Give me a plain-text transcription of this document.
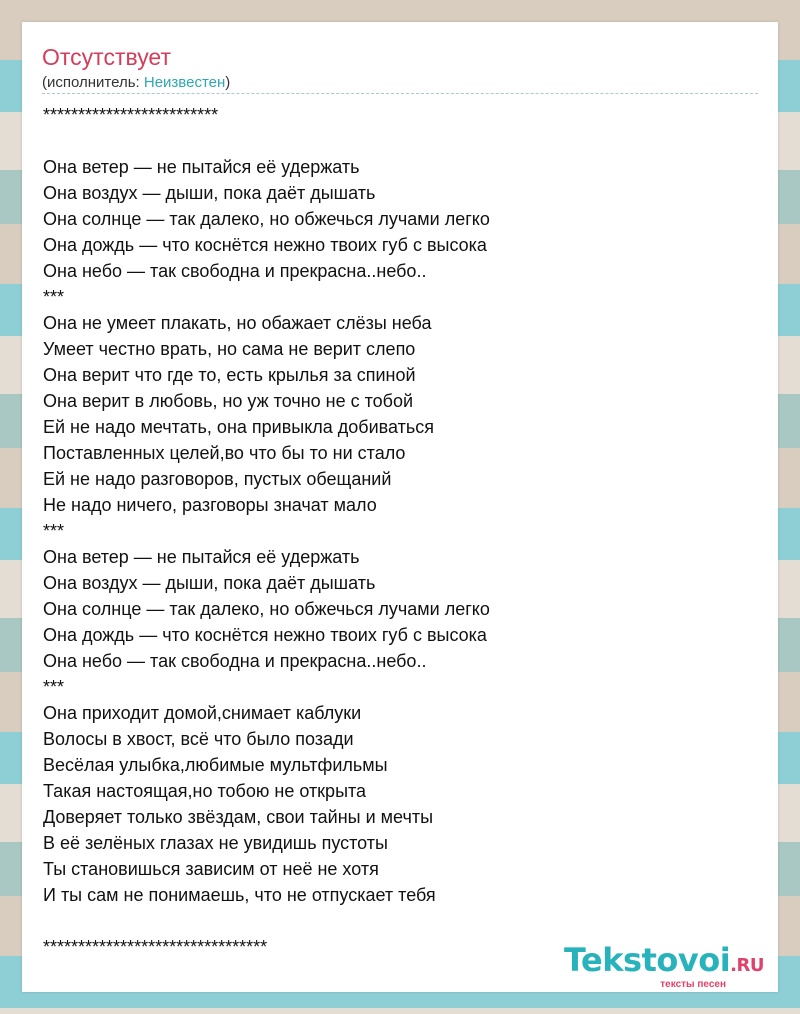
Отсутствует
(исполнитель: Неизвестен)
*************************
Она ветер — не пытайся её удержать
Она воздух — дыши, пока даёт дышать
Она солнце — так далеко, но обжечься лучами легко
Она дождь — что коснётся нежно твоих губ с высока
Она небо — так свободна и прекрасна..небо..
***
Она не умеет плакать, но обажает слёзы неба
Умеет честно врать, но сама не верит слепо
Она верит что где то, есть крылья за спиной
Она верит в любовь, но уж точно не с тобой
Ей не надо мечтать, она привыкла добиваться
Поставленных целей,во что бы то ни стало
Ей не надо разговоров, пустых обещаний
Не надо ничего, разговоры значат мало
***
Она ветер — не пытайся её удержать
Она воздух — дыши, пока даёт дышать
Она солнце — так далеко, но обжечься лучами легко
Она дождь — что коснётся нежно твоих губ с высока
Она небо — так свободна и прекрасна..небо..
***
Она приходит домой,снимает каблуки
Волосы в хвост, всё что было позади
Весёлая улыбка,любимые мультфильмы
Такая настоящая,но тобою не открыта
Доверяет только звёздам, свои тайны и мечты
В её зелёных глазах не увидишь пустоты
Ты становишься зависим от неё не хотя
И ты сам не понимаешь, что не отпускает тебя
********************************	Tekstovoi.RU
тексты песен
